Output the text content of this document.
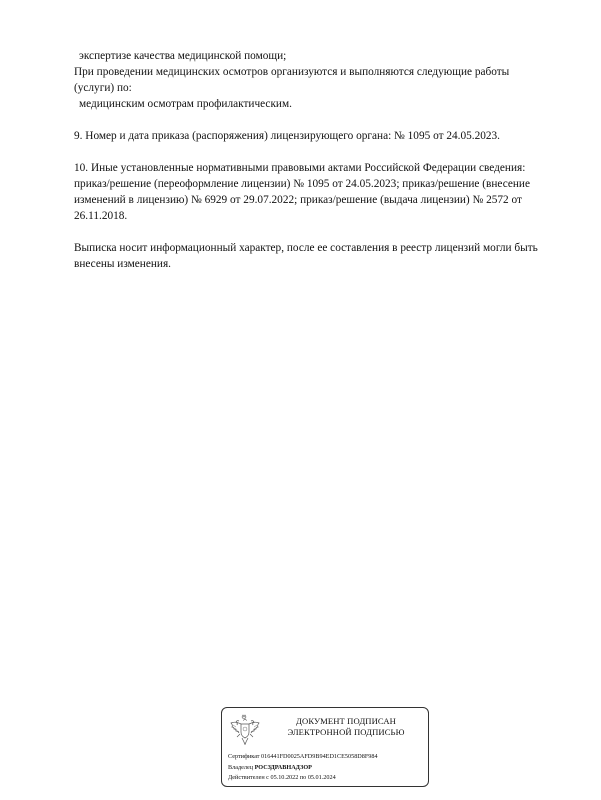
экспертизе качества медицинской помощи;

При проведении медицинских осмотров организуются и выполняются следующие работы

(услуги) по:

медицинским осмотрам профилактическим.

9. Номер и дата приказа (распоряжения) лицензирующего органа: № 1095 от 24.05.2023.

10. Иные установленные нормативными правовыми актами Российской Федерации сведения:

приказ/решение (переоформление лицензии) № 1095 от 24.05.2023; приказ/решение (внесение

изменений в лицензию) № 6929 от 29.07.2022; приказ/решение (выдача лицензии) № 2572 от

26.11.2018.

Выписка носит информационный характер, после ее составления в реестр лицензий могли быть

внесены изменения.

ДОКУМЕНТ ПОДПИСАН
ЭЛЕКТРОННОЙ ПОДПИСЬЮ
Сертификат 016441FD0025AFD9B94ED1CE5058D8F984
Владелец РОСЗДРАВНАДЗОР
Действителен с 05.10.2022 по 05.01.2024
